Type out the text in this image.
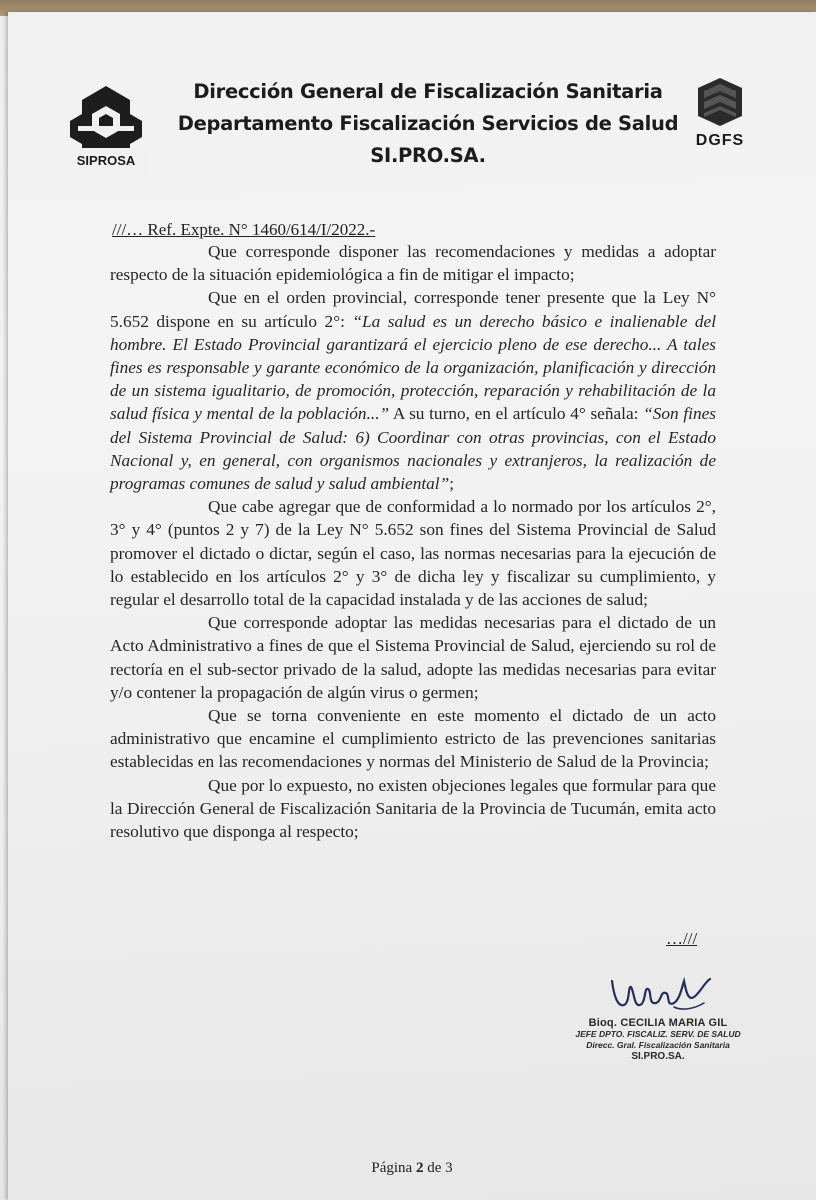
SIPROSA
Dirección General de Fiscalización Sanitaria
Departamento Fiscalización Servicios de Salud
SI.PRO.SA.
DGFS
///… Ref. Expte. N° 1460/614/I/2022.-

Que corresponde disponer las recomendaciones y medidas a adoptar respecto de la situación epidemiológica a fin de mitigar el impacto;

Que en el orden provincial, corresponde tener presente que la Ley N° 5.652 dispone en su artículo 2°: “La salud es un derecho básico e inalienable del hombre. El Estado Provincial garantizará el ejercicio pleno de ese derecho... A tales fines es responsable y garante económico de la organización, planificación y dirección de un sistema igualitario, de promoción, protección, reparación y rehabilitación de la salud física y mental de la población...” A su turno, en el artículo 4° señala: “Son fines del Sistema Provincial de Salud: 6) Coordinar con otras provincias, con el Estado Nacional y, en general, con organismos nacionales y extranjeros, la realización de programas comunes de salud y salud ambiental”;

Que cabe agregar que de conformidad a lo normado por los artículos 2°, 3° y 4° (puntos 2 y 7) de la Ley N° 5.652 son fines del Sistema Provincial de Salud promover el dictado o dictar, según el caso, las normas necesarias para la ejecución de lo establecido en los artículos 2° y 3° de dicha ley y fiscalizar su cumplimiento, y regular el desarrollo total de la capacidad instalada y de las acciones de salud;

Que corresponde adoptar las medidas necesarias para el dictado de un Acto Administrativo a fines de que el Sistema Provincial de Salud, ejerciendo su rol de rectoría en el sub-sector privado de la salud, adopte las medidas necesarias para evitar y/o contener la propagación de algún virus o germen;

Que se torna conveniente en este momento el dictado de un acto administrativo que encamine el cumplimiento estricto de las prevenciones sanitarias establecidas en las recomendaciones y normas del Ministerio de Salud de la Provincia;

Que por lo expuesto, no existen objeciones legales que formular para que la Dirección General de Fiscalización Sanitaria de la Provincia de Tucumán, emita acto resolutivo que disponga al respecto;

…///
Bioq. CECILIA MARIA GIL
JEFE DPTO. FISCALIZ. SERV. DE SALUD
Direcc. Gral. Fiscalización Sanitaria
SI.PRO.SA.
Página 2 de 3
